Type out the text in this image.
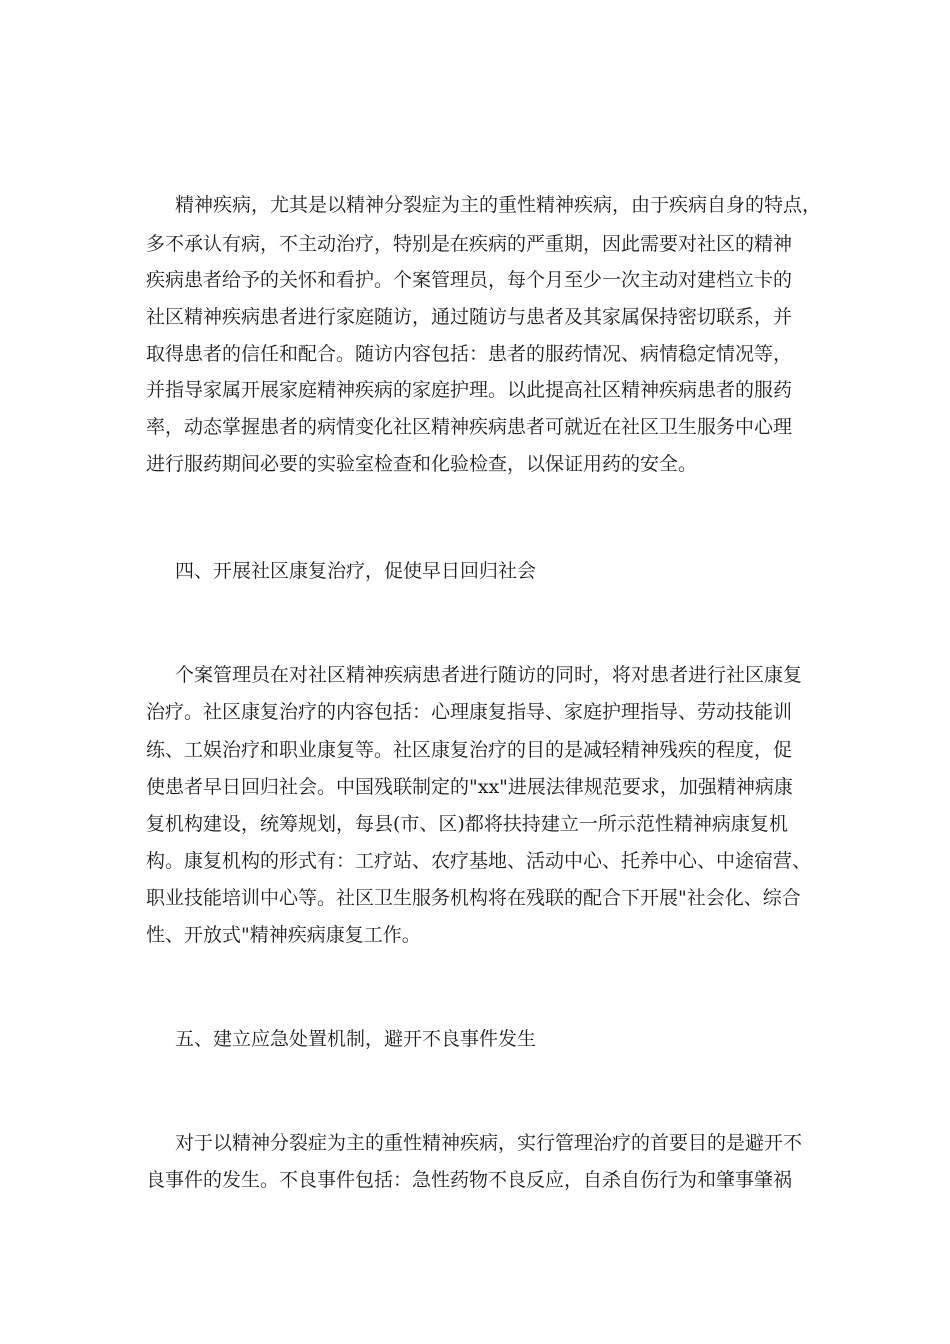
精神疾病，尤其是以精神分裂症为主的重性精神疾病，由于疾病自身的特点，

多不承认有病，不主动治疗，特别是在疾病的严重期，因此需要对社区的精神

疾病患者给予的关怀和看护。个案管理员，每个月至少一次主动对建档立卡的

社区精神疾病患者进行家庭随访，通过随访与患者及其家属保持密切联系，并

取得患者的信任和配合。随访内容包括：患者的服药情况、病情稳定情况等，

并指导家属开展家庭精神疾病的家庭护理。以此提高社区精神疾病患者的服药

率，动态掌握患者的病情变化社区精神疾病患者可就近在社区卫生服务中心理

进行服药期间必要的实验室检查和化验检查，以保证用药的安全。

四、开展社区康复治疗，促使早日回归社会

个案管理员在对社区精神疾病患者进行随访的同时，将对患者进行社区康复

治疗。社区康复治疗的内容包括：心理康复指导、家庭护理指导、劳动技能训

练、工娱治疗和职业康复等。社区康复治疗的目的是减轻精神残疾的程度，促

使患者早日回归社会。中国残联制定的"xx"进展法律规范要求，加强精神病康

复机构建设，统筹规划，每县(市、区)都将扶持建立一所示范性精神病康复机

构。康复机构的形式有：工疗站、农疗基地、活动中心、托养中心、中途宿营、

职业技能培训中心等。社区卫生服务机构将在残联的配合下开展"社会化、综合

性、开放式"精神疾病康复工作。

五、建立应急处置机制，避开不良事件发生

对于以精神分裂症为主的重性精神疾病，实行管理治疗的首要目的是避开不

良事件的发生。不良事件包括：急性药物不良反应，自杀自伤行为和肇事肇祸
